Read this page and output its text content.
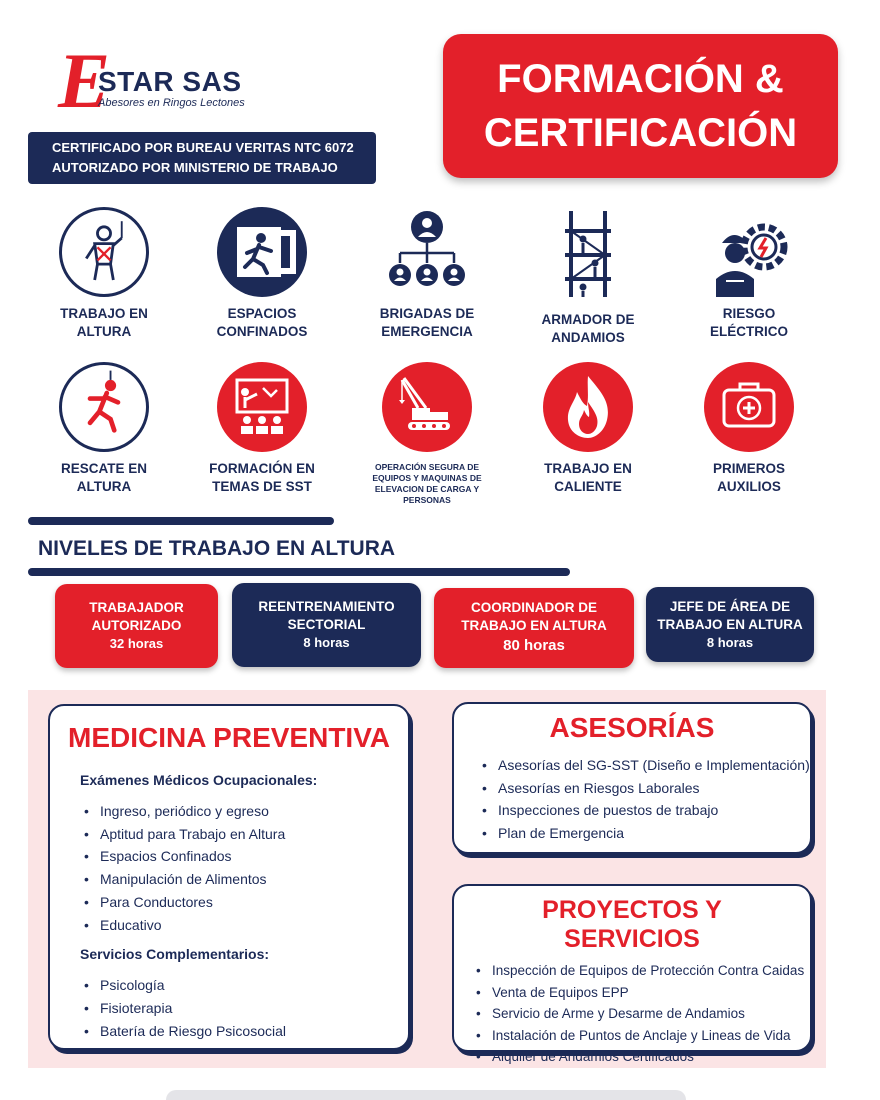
E
STAR SAS
Abesores en Ringos Lectones
CERTIFICADO POR BUREAU VERITAS NTC 6072
AUTORIZADO POR MINISTERIO DE TRABAJO
FORMACIÓN &
CERTIFICACIÓN
TRABAJO EN
ALTURA
ESPACIOS
CONFINADOS
BRIGADAS DE
EMERGENCIA
ARMADOR DE
ANDAMIOS
RIESGO
ELÉCTRICO
RESCATE EN
ALTURA
FORMACIÓN EN
TEMAS DE SST
OPERACIÓN SEGURA DE
EQUIPOS Y MAQUINAS DE
ELEVACION DE CARGA Y
PERSONAS
TRABAJO EN
CALIENTE
PRIMEROS
AUXILIOS
NIVELES DE TRABAJO EN ALTURA
TRABAJADOR
AUTORIZADO
32 horas
REENTRENAMIENTO
SECTORIAL
8 horas
COORDINADOR DE
TRABAJO EN ALTURA
80 horas
JEFE DE ÁREA DE
TRABAJO EN ALTURA
8 horas
MEDICINA PREVENTIVA
Exámenes Médicos Ocupacionales:
• Ingreso, periódico y egreso
• Aptitud para Trabajo en Altura
• Espacios Confinados
• Manipulación de Alimentos
• Para Conductores
• Educativo
Servicios Complementarios:
• Psicología
• Fisioterapia
• Batería de Riesgo Psicosocial
ASESORÍAS
• Asesorías del SG-SST (Diseño e Implementación)
• Asesorías en Riesgos Laborales
• Inspecciones de puestos de trabajo
• Plan de Emergencia
PROYECTOS Y SERVICIOS
• Inspección de Equipos de Protección Contra Caidas
• Venta de Equipos EPP
• Servicio de Arme y Desarme de Andamios
• Instalación de Puntos de Anclaje y Lineas de Vida
• Alquiler de Andamios Certificados
